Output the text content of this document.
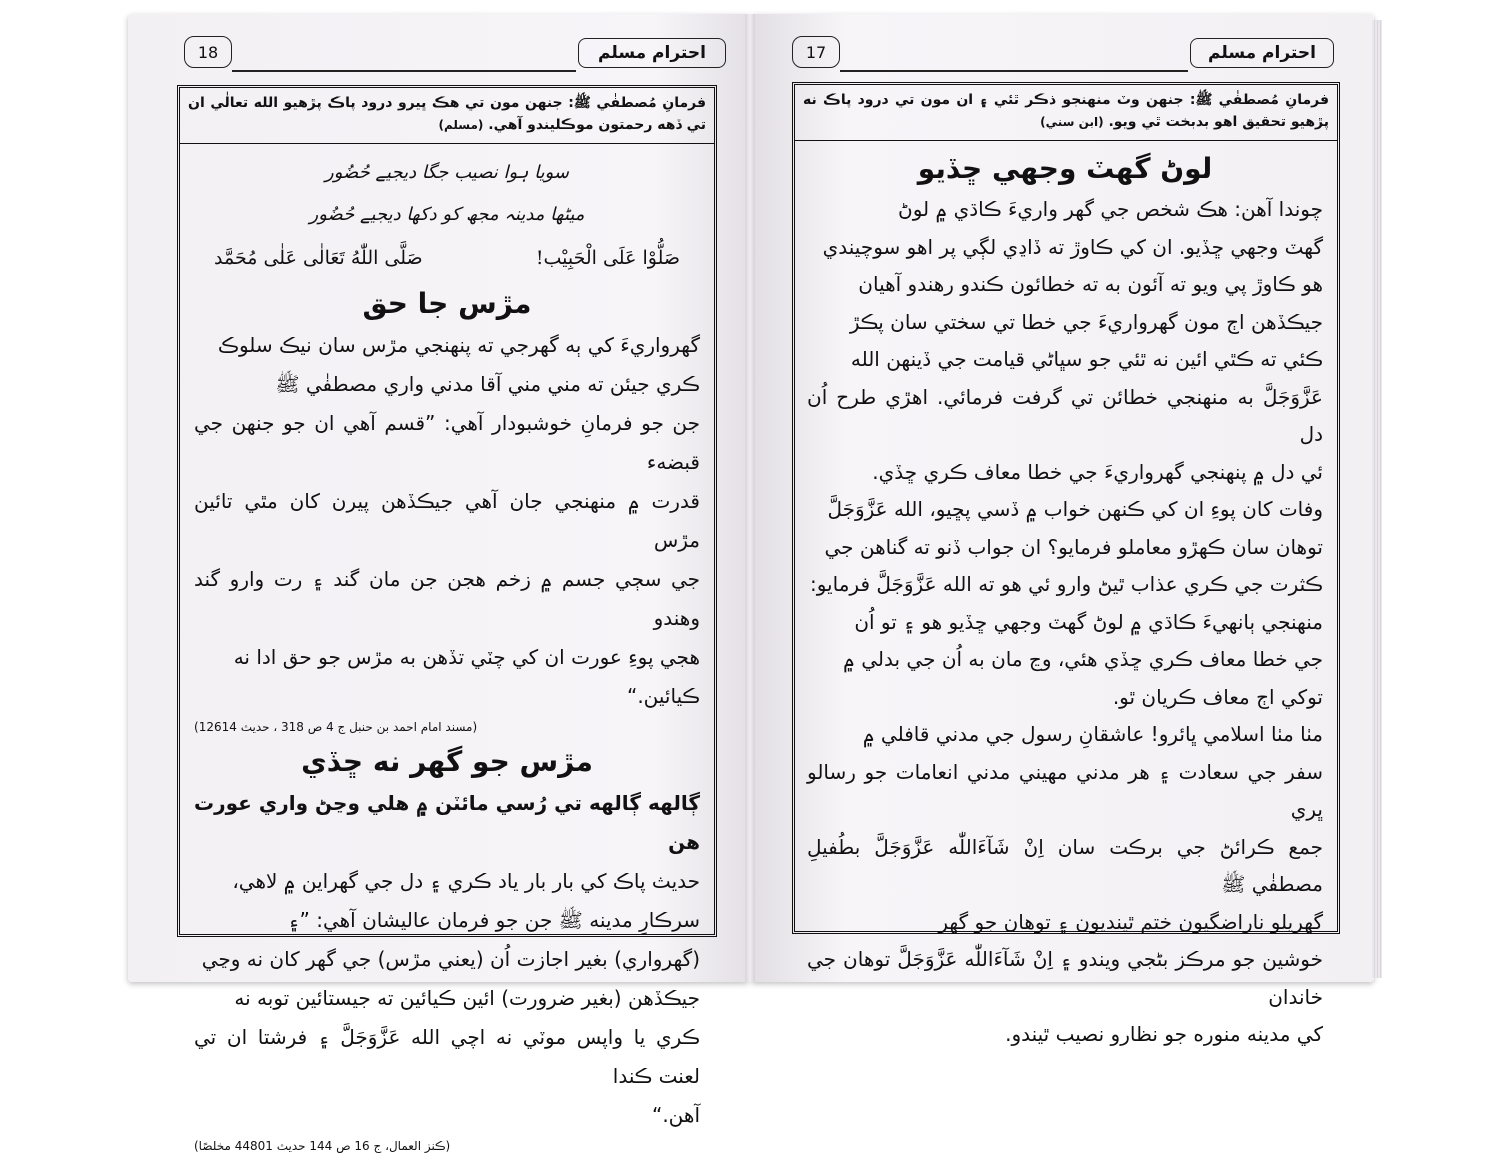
18	احترام مسلم
فرمانِ مُصطفٰي ﷺ: جنهن مون تي هڪ ڀيرو درود پاڪ پڙهيو الله تعالٰي ان تي ڏهه رحمتون موڪليندو آهي. (مسلم)

سویا ہوا نصیب جگا دیجیے حُضُور

میٹھا مدینہ مجھ کو دکھا دیجیے حُضُور

صَلُّوْا عَلَى الْحَبِيْب!
صَلَّى اللّٰهُ تَعَالٰى عَلٰى مُحَمَّد
مڙس جا حق
گهرواريءَ کي ٻه گهرجي ته پنهنجي مڙس سان نيڪ سلوڪ
ڪري جيئن ته مني مني آقا مدني واري مصطفٰي ﷺ
جن جو فرمانِ خوشبودار آهي: ”قسم آهي ان جو جنهن جي قبضهء
قدرت ۾ منهنجي جان آهي جيڪڏهن پيرن کان مٿي تائين مڙس
جي سڄي جسم ۾ زخم هجن جن مان گند ۽ رت وارو گند وهندو
هجي پوءِ عورت ان کي چٽي تڏهن به مڙس جو حق ادا نه
ڪيائين.“

(مسند امام احمد بن حنبل ج 4 ص 318 ، حديث 12614)

مڙس جو گهر نه ڇڏي
ڳالهه ڳالهه تي رُسي مائٽن ۾ هلي وڃڻ واري عورت هن
حديث پاڪ کي بار بار ياد ڪري ۽ دل جي گهراين ۾ لاهي،
سرڪارِ مدينه ﷺ جن جو فرمان عاليشان آهي: ”۽
(گهرواري) بغير اجازت اُن (يعني مڙس) جي گهر کان نه وڃي
جيڪڏهن (بغير ضرورت) ائين ڪيائين ته جيستائين توبه نه
ڪري يا واپس موٽي نه اچي الله عَزَّوَجَلَّ ۽ فرشتا ان تي لعنت ڪندا
آهن.“

(ڪنز العمال، ج 16 ص 144 حديث 44801 مخلصًا)

17	احترام مسلم
فرمانِ مُصطفٰي ﷺ: جنهن وٽ منهنجو ذڪر ٿئي ۽ ان مون تي درود پاڪ نه پڙهيو تحقيق اهو بدبخت ٿي ويو. (ابن سني)
لوڻ گهٽ وجهي ڇڏيو
چوندا آهن: هڪ شخص جي گهر واريءَ ڪاڌي ۾ لوڻ
گهٽ وجهي ڇڏيو. ان کي ڪاوڙ ته ڏاڍي لڳي پر اهو سوچيندي
هو ڪاوڙ پي ويو ته آئون به ته خطائون ڪندو رهندو آهيان
جيڪڏهن اڄ مون گهرواريءَ جي خطا تي سختي سان پڪڙ
ڪئي ته ڪٿي ائين نه ٿئي جو سڀاڻي قيامت جي ڏينهن الله
عَزَّوَجَلَّ به منهنجي خطائن تي گرفت فرمائي. اهڙي طرح اُن دل
ئي دل ۾ پنهنجي گهرواريءَ جي خطا معاف ڪري ڇڏي.
وفات کان پوءِ ان کي ڪنهن خواب ۾ ڏسي پڇيو، الله عَزَّوَجَلَّ
توهان سان ڪهڙو معاملو فرمايو؟ ان جواب ڏنو ته گناهن جي
ڪثرت جي ڪري عذاب ٿيڻ وارو ئي هو ته الله عَزَّوَجَلَّ فرمايو:
منهنجي ٻانهيءَ ڪاڌي ۾ لوڻ گهٽ وجهي ڇڏيو هو ۽ تو اُن
جي خطا معاف ڪري ڇڏي هئي، وڃ مان به اُن جي بدلي ۾
توکي اڄ معاف ڪريان ٿو.
مٺا مٺا اسلامي ڀائرو! عاشقانِ رسول جي مدني قافلي ۾
سفر جي سعادت ۽ هر مدني مهيني مدني انعامات جو رسالو ڀري
جمع ڪرائڻ جي برڪت سان اِنْ شَآءَاللّٰه عَزَّوَجَلَّ بطُفيلِ مصطفٰي ﷺ
گهريلو ناراضگيون ختم ٿينديون ۽ توهان جو گهر
خوشين جو مرڪز بڻجي ويندو ۽ اِنْ شَآءَاللّٰه عَزَّوَجَلَّ توهان جي خاندان
کي مدينه منوره جو نظارو نصيب ٿيندو.
